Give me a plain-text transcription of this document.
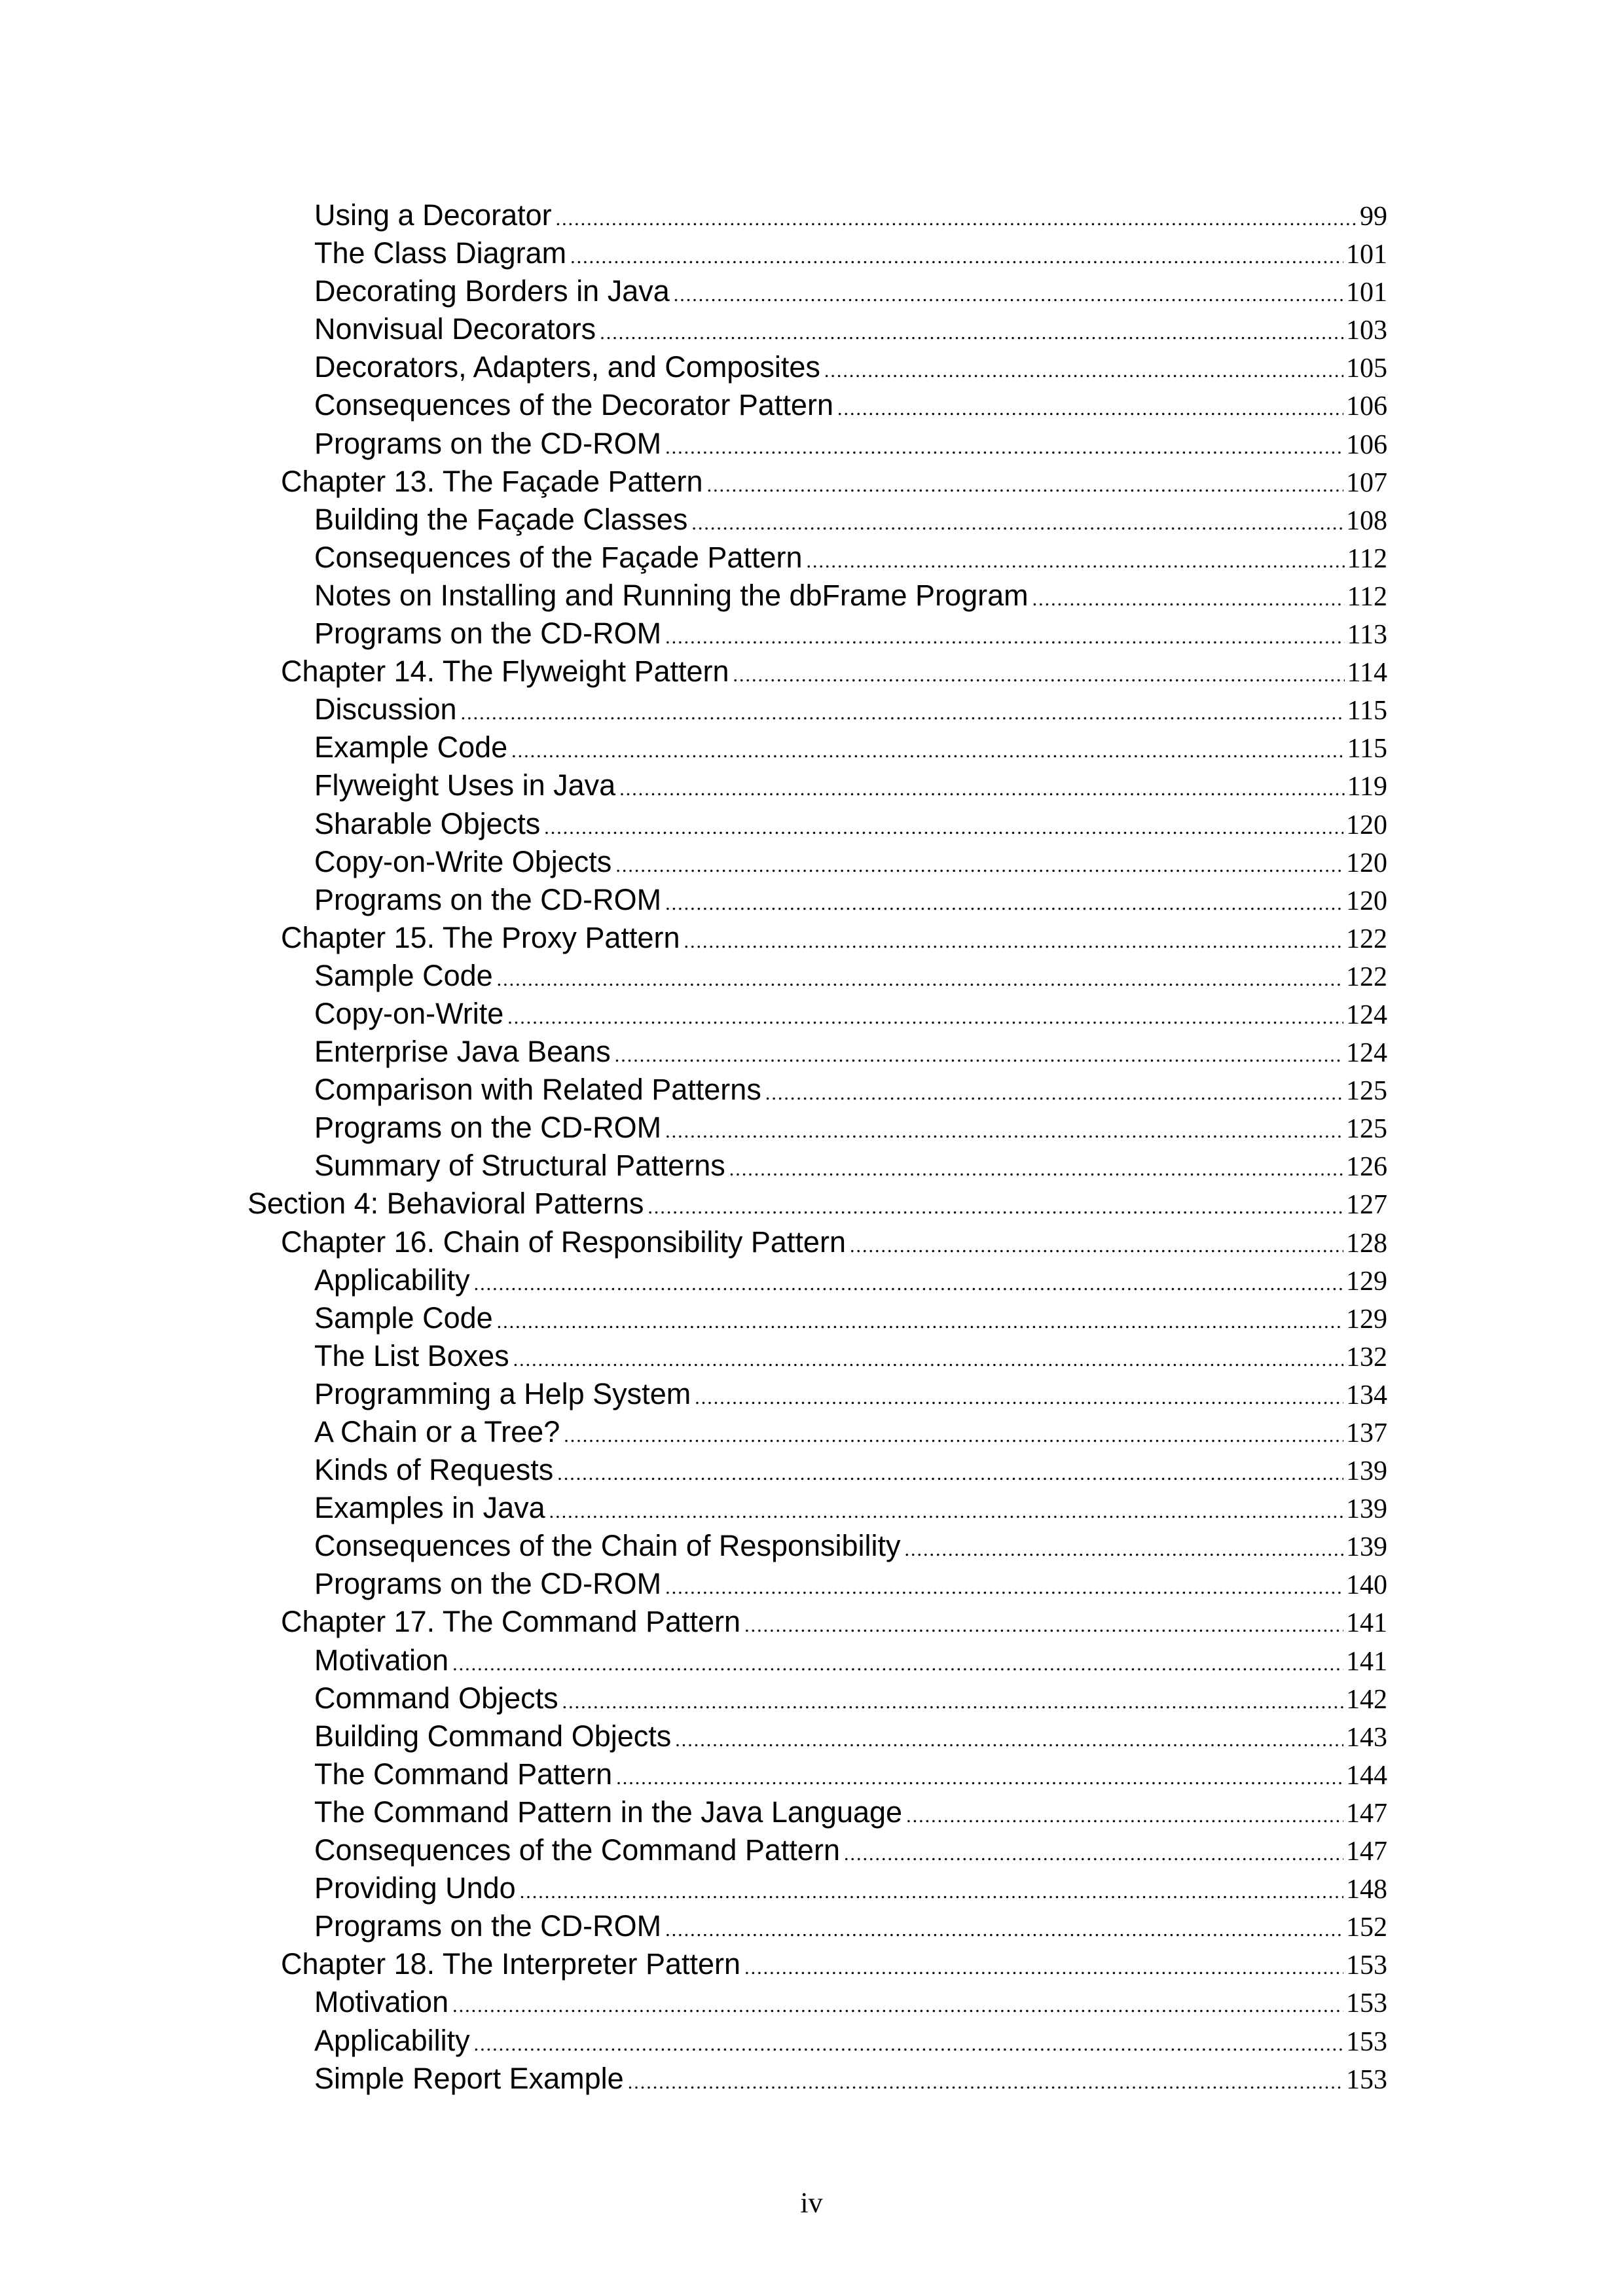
Using a Decorator .....	99
The Class Diagram .....	101
Decorating Borders in Java .....	101
Nonvisual Decorators .....	103
Decorators, Adapters, and Composites .....	105
Consequences of the Decorator Pattern .....	106
Programs on the CD-ROM .....	106
Chapter 13. The Façade Pattern .....	107
Building the Façade Classes .....	108
Consequences of the Façade Pattern .....	112
Notes on Installing and Running the dbFrame Program .....	112
Programs on the CD-ROM .....	113
Chapter 14. The Flyweight Pattern .....	114
Discussion .....	115
Example Code .....	115
Flyweight Uses in Java .....	119
Sharable Objects .....	120
Copy-on-Write Objects .....	120
Programs on the CD-ROM .....	120
Chapter 15. The Proxy Pattern .....	122
Sample Code .....	122
Copy-on-Write .....	124
Enterprise Java Beans .....	124
Comparison with Related Patterns .....	125
Programs on the CD-ROM .....	125
Summary of Structural Patterns .....	126
Section 4: Behavioral Patterns .....	127
Chapter 16. Chain of Responsibility Pattern .....	128
Applicability .....	129
Sample Code .....	129
The List Boxes .....	132
Programming a Help System .....	134
A Chain or a Tree? .....	137
Kinds of Requests .....	139
Examples in Java .....	139
Consequences of the Chain of Responsibility .....	139
Programs on the CD-ROM .....	140
Chapter 17. The Command Pattern .....	141
Motivation .....	141
Command Objects .....	142
Building Command Objects .....	143
The Command Pattern .....	144
The Command Pattern in the Java Language .....	147
Consequences of the Command Pattern .....	147
Providing Undo .....	148
Programs on the CD-ROM .....	152
Chapter 18. The Interpreter Pattern .....	153
Motivation .....	153
Applicability .....	153
Simple Report Example .....	153
iv
